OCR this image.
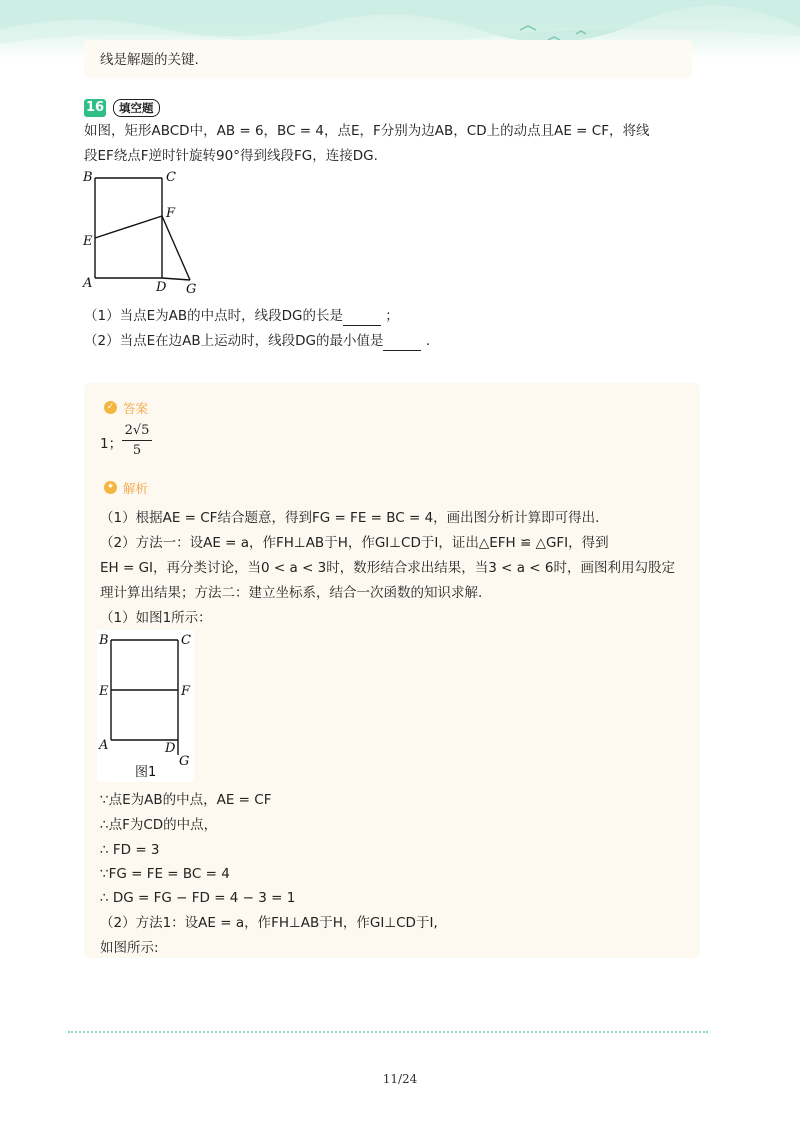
线是解题的关键.
16	填空题
如图，矩形ABCD中，AB = 6，BC = 4，点E，F分别为边AB，CD上的动点且AE = CF，将线
段EF绕点F逆时针旋转90°得到线段FG，连接DG.
B	C
F
E
A	D G
（1）当点E为AB的中点时，线段DG的长是	；
（2）当点E在边AB上运动时，线段DG的最小值是	.
✓ 答案
1；
2√5
5
✦ 解析
（1）根据AE = CF结合题意，得到FG = FE = BC = 4，画出图分析计算即可得出.
（2）方法一：设AE = a，作FH⊥AB于H，作GI⊥CD于I，证出△EFH ≌ △GFI，得到
EH = GI，再分类讨论，当0 < a < 3时，数形结合求出结果，当3 < a < 6时，画图利用勾股定
理计算出结果；方法二：建立坐标系，结合一次函数的知识求解.
（1）如图1所示：
B	C
E	F
A	D
G
图1
∵点E为AB的中点，AE = CF
∴点F为CD的中点，
∴ FD = 3
∵FG = FE = BC = 4
∴ DG = FG − FD = 4 − 3 = 1
（2）方法1：设AE = a，作FH⊥AB于H，作GI⊥CD于I,
如图所示:
11/24
